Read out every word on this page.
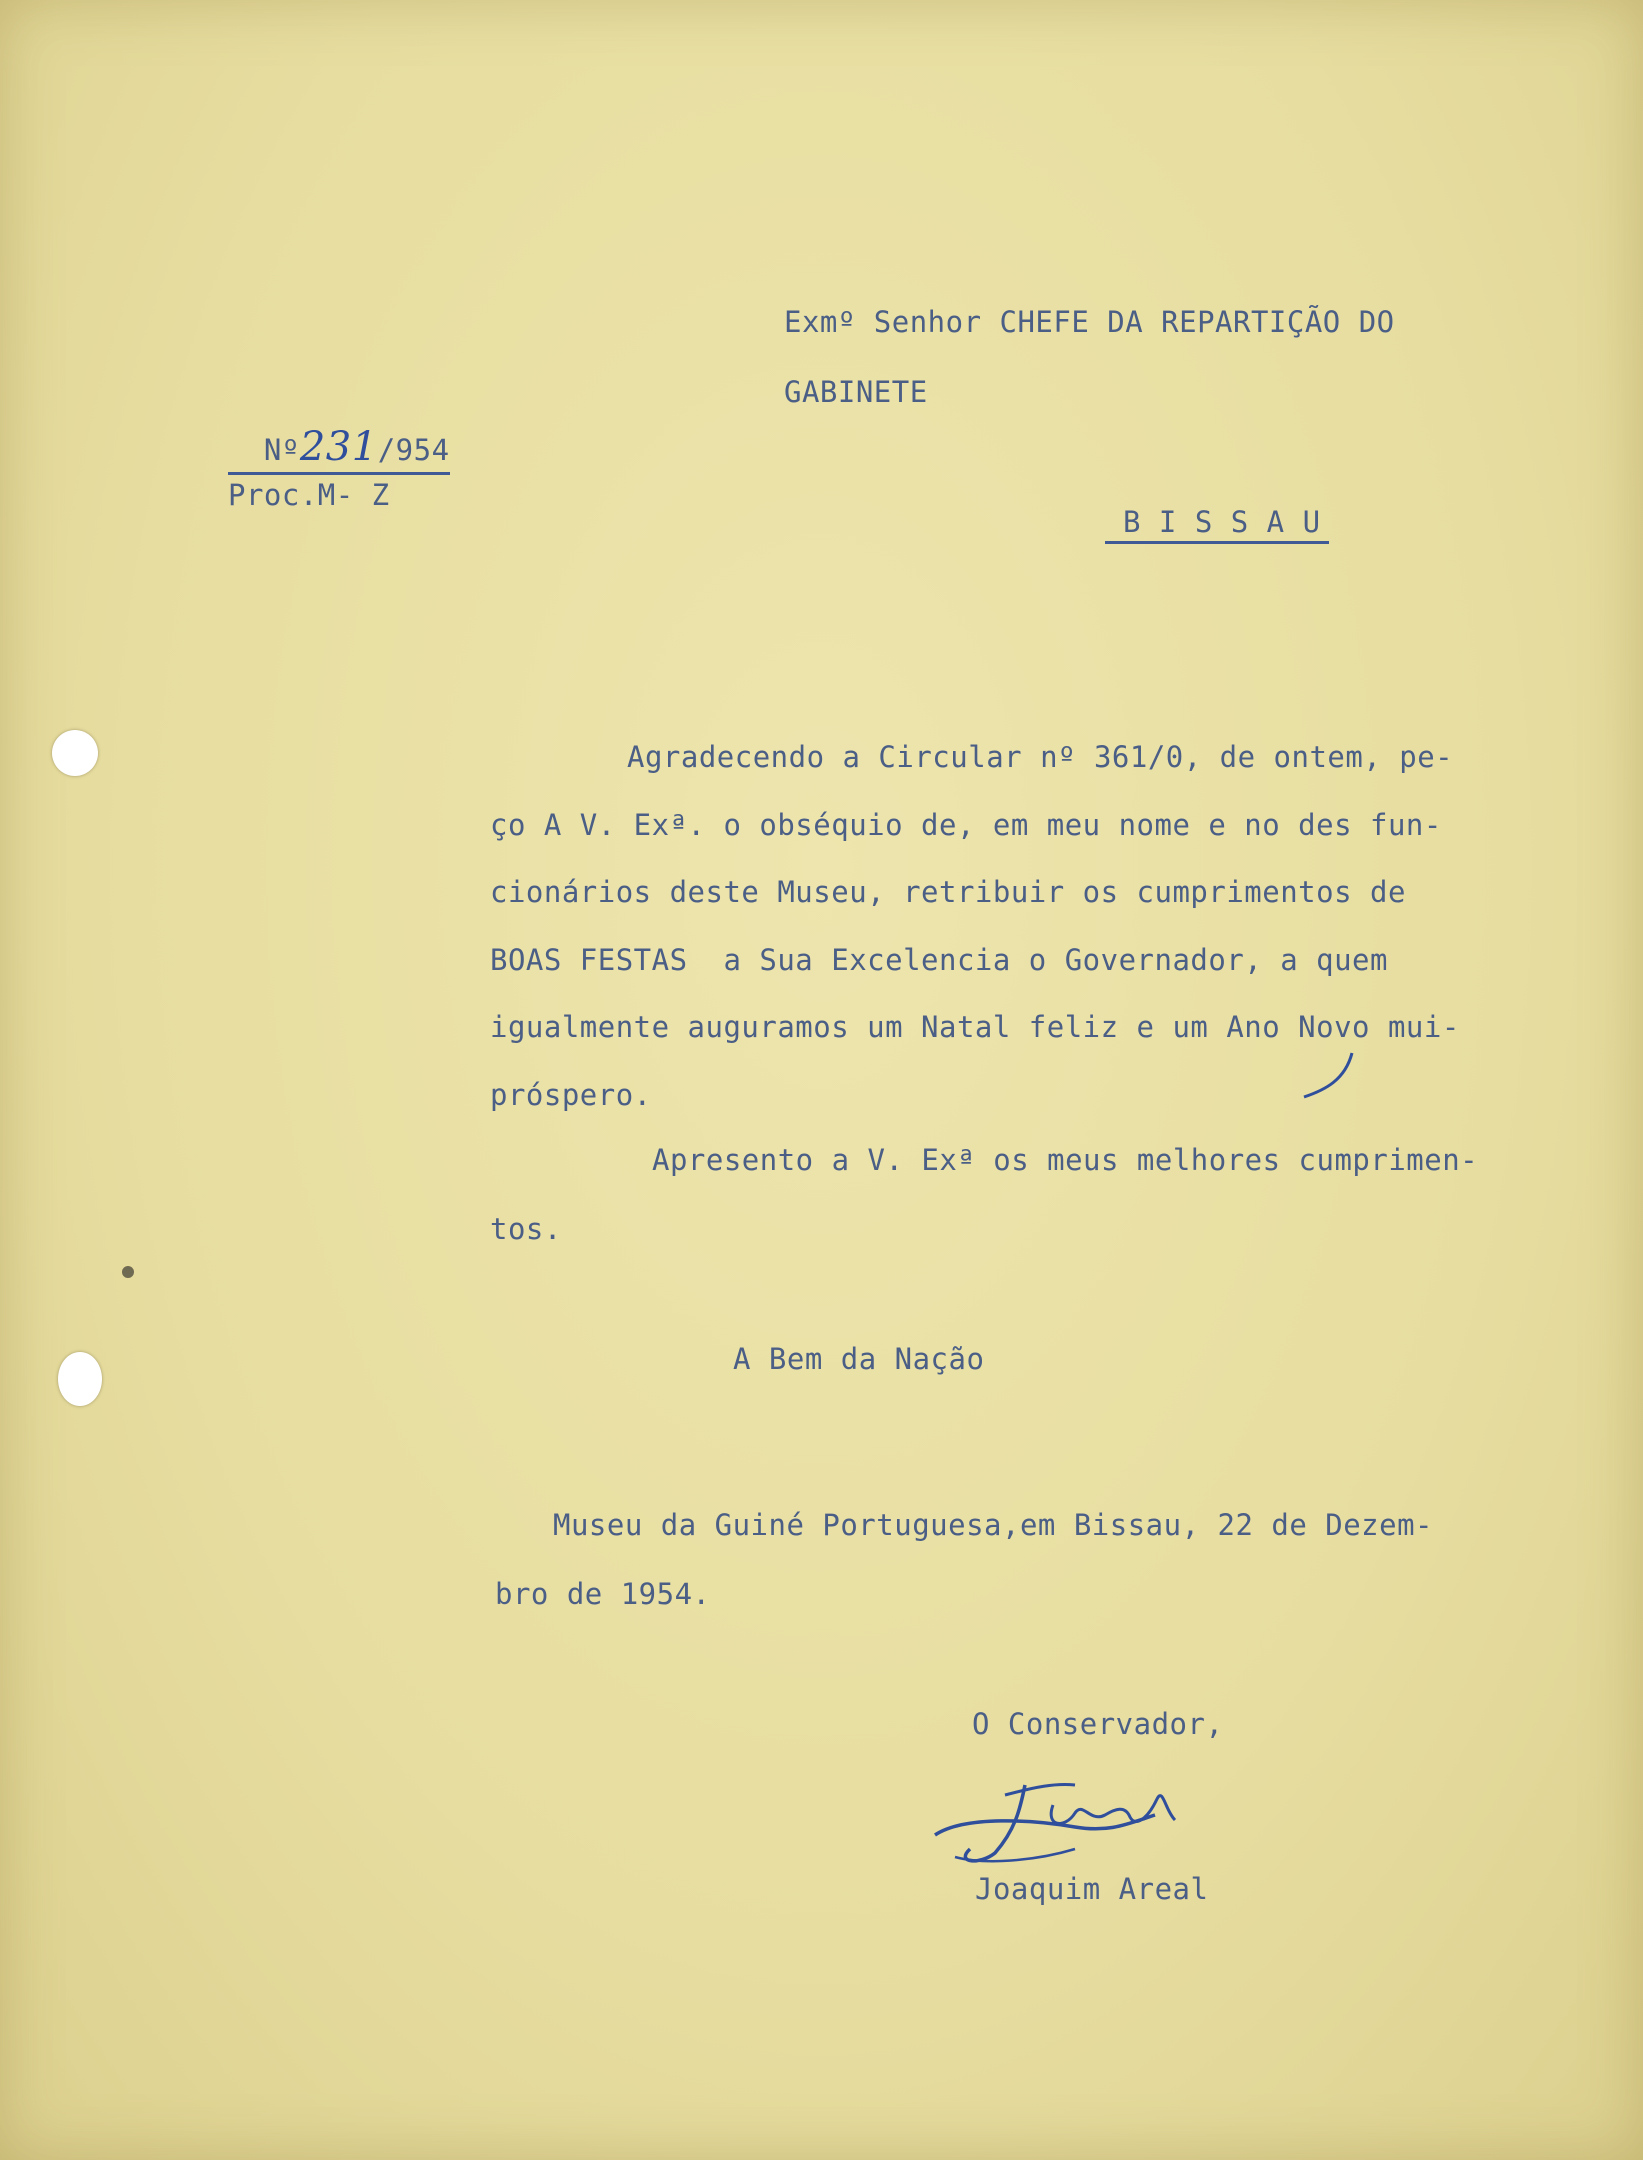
Exmº Senhor CHEFE DA REPARTIÇÃO DO
GABINETE
B I S S A U

Nº231/954

Proc.M- Z
Agradecendo a Circular nº 361/0, de ontem, pe-
ço A V. Exª. o obséquio de, em meu nome e no des fun-
cionários deste Museu, retribuir os cumprimentos de
BOAS FESTAS  a Sua Excelencia o Governador, a quem
igualmente auguramos um Natal feliz e um Ano Novo mui-
próspero.
Apresento a V. Exª os meus melhores cumprimen-
tos.
A Bem da Nação
Museu da Guiné Portuguesa,em Bissau, 22 de Dezem-
bro de 1954.
O Conservador,
Joaquim Areal
